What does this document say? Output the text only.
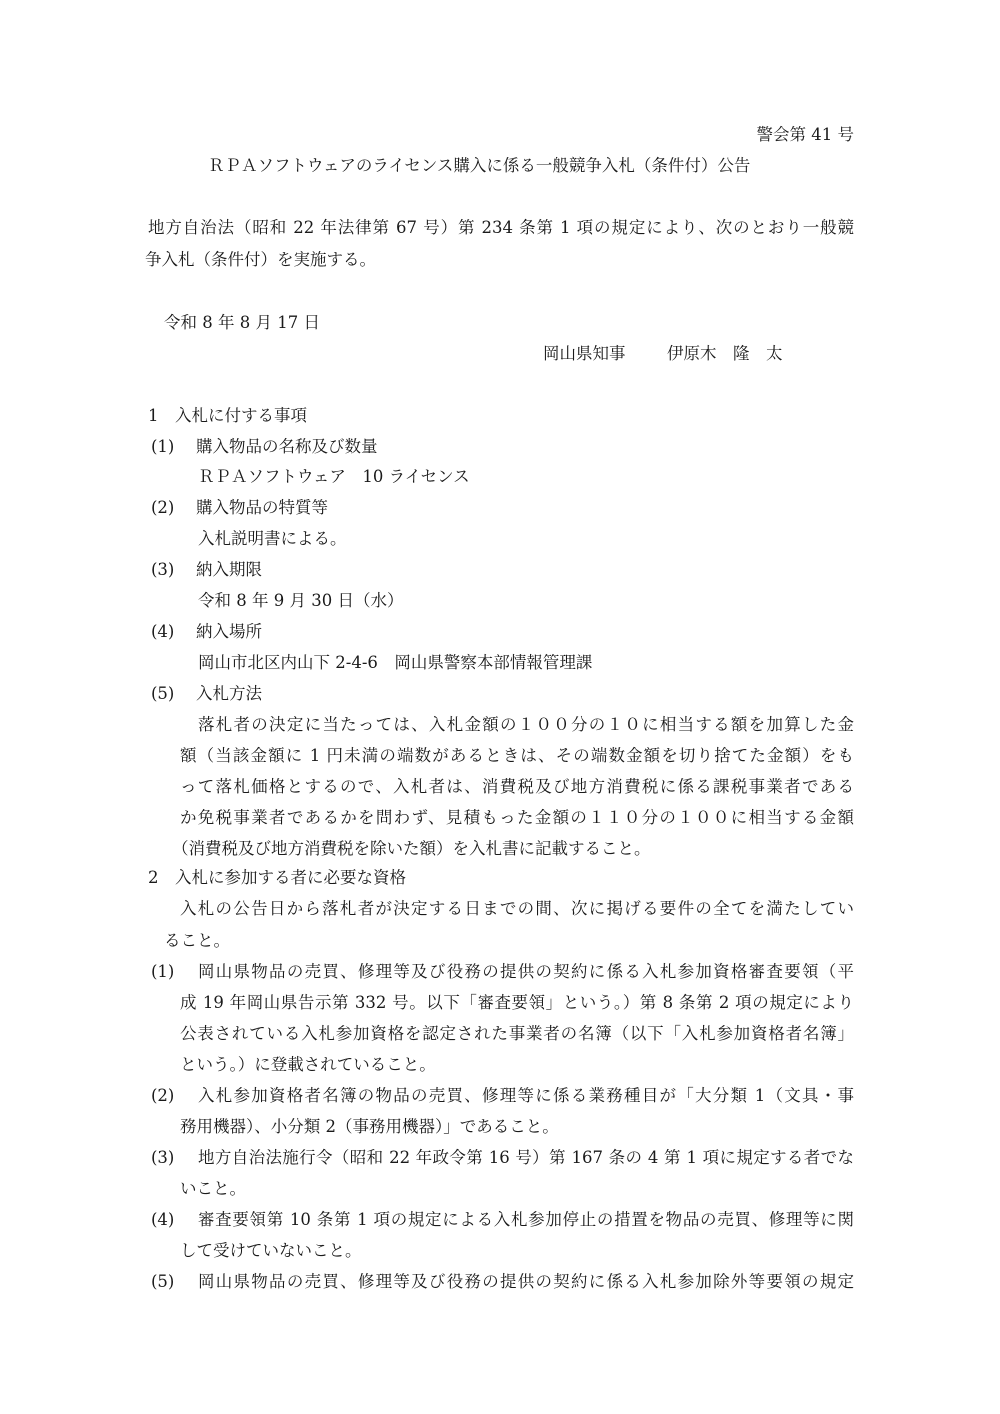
警会第 41 号
ＲＰＡソフトウェアのライセンス購入に係る一般競争入札（条件付）公告
地方自治法（昭和 22 年法律第 67 号）第 234 条第 1 項の規定により、次のとおり一般競
争入札（条件付）を実施する。
令和 8 年 8 月 17 日
岡山県知事	伊原木　隆　太
1　入札に付する事項
(1) 購入物品の名称及び数量
ＲＰＡソフトウェア　10 ライセンス
(2) 購入物品の特質等
入札説明書による。
(3) 納入期限
令和 8 年 9 月 30 日（水）
(4) 納入場所
岡山市北区内山下 2-4-6　岡山県警察本部情報管理課
(5) 入札方法
落札者の決定に当たっては、入札金額の１００分の１０に相当する額を加算した金
額（当該金額に 1 円未満の端数があるときは、その端数金額を切り捨てた金額）をも
って落札価格とするので、入札者は、消費税及び地方消費税に係る課税事業者である
か免税事業者であるかを問わず、見積もった金額の１１０分の１００に相当する金額
（消費税及び地方消費税を除いた額）を入札書に記載すること。
2　入札に参加する者に必要な資格
入札の公告日から落札者が決定する日までの間、次に掲げる要件の全てを満たしてい
ること。
(1) 岡山県物品の売買、修理等及び役務の提供の契約に係る入札参加資格審査要領（平
成 19 年岡山県告示第 332 号。以下「審査要領」という。）第 8 条第 2 項の規定により
公表されている入札参加資格を認定された事業者の名簿（以下「入札参加資格者名簿」
という。）に登載されていること。
(2) 入札参加資格者名簿の物品の売買、修理等に係る業務種目が「大分類 1（文具・事
務用機器）、小分類 2（事務用機器）」であること。
(3) 地方自治法施行令（昭和 22 年政令第 16 号）第 167 条の 4 第 1 項に規定する者でな
いこと。
(4) 審査要領第 10 条第 1 項の規定による入札参加停止の措置を物品の売買、修理等に関
して受けていないこと。
(5) 岡山県物品の売買、修理等及び役務の提供の契約に係る入札参加除外等要領の規定
